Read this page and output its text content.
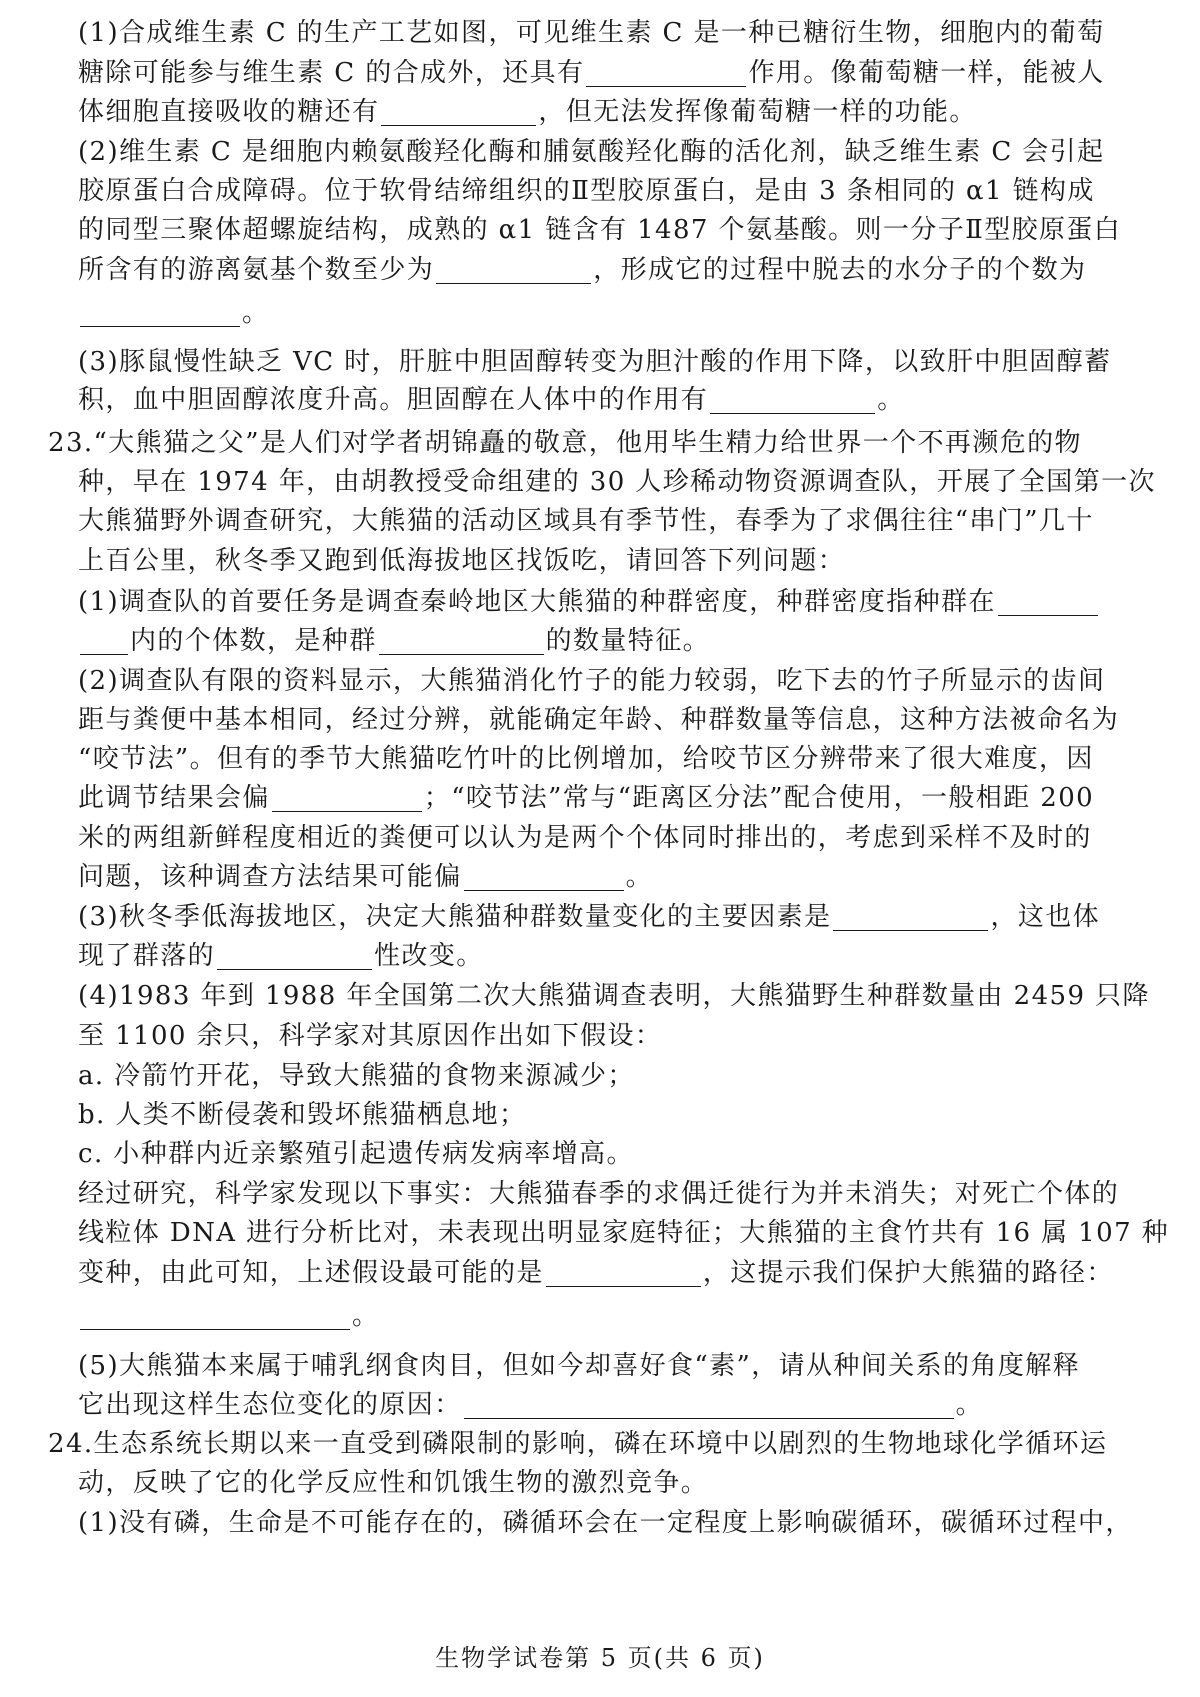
(1)合成维生素 C 的生产工艺如图，可见维生素 C 是一种已糖衍生物，细胞内的葡萄
糖除可能参与维生素 C 的合成外，还具有	作用。像葡萄糖一样，能被人
体细胞直接吸收的糖还有	，但无法发挥像葡萄糖一样的功能。
(2)维生素 C 是细胞内赖氨酸羟化酶和脯氨酸羟化酶的活化剂，缺乏维生素 C 会引起
胶原蛋白合成障碍。位于软骨结缔组织的Ⅱ型胶原蛋白，是由 3 条相同的 α1 链构成
的同型三聚体超螺旋结构，成熟的 α1 链含有 1487 个氨基酸。则一分子Ⅱ型胶原蛋白
所含有的游离氨基个数至少为	，形成它的过程中脱去的水分子的个数为
。
(3)豚鼠慢性缺乏 VC 时，肝脏中胆固醇转变为胆汁酸的作用下降，以致肝中胆固醇蓄
积，血中胆固醇浓度升高。胆固醇在人体中的作用有	。
23.“大熊猫之父”是人们对学者胡锦矗的敬意，他用毕生精力给世界一个不再濒危的物
种，早在 1974 年，由胡教授受命组建的 30 人珍稀动物资源调查队，开展了全国第一次
大熊猫野外调查研究，大熊猫的活动区域具有季节性，春季为了求偶往往“串门”几十
上百公里，秋冬季又跑到低海拔地区找饭吃，请回答下列问题：
(1)调查队的首要任务是调查秦岭地区大熊猫的种群密度，种群密度指种群在
内的个体数，是种群	的数量特征。
(2)调查队有限的资料显示，大熊猫消化竹子的能力较弱，吃下去的竹子所显示的齿间
距与粪便中基本相同，经过分辨，就能确定年龄、种群数量等信息，这种方法被命名为
“咬节法”。但有的季节大熊猫吃竹叶的比例增加，给咬节区分辨带来了很大难度，因
此调节结果会偏	；“咬节法”常与“距离区分法”配合使用，一般相距 200
米的两组新鲜程度相近的粪便可以认为是两个个体同时排出的，考虑到采样不及时的
问题，该种调查方法结果可能偏	。
(3)秋冬季低海拔地区，决定大熊猫种群数量变化的主要因素是	，这也体
现了群落的	性改变。
(4)1983 年到 1988 年全国第二次大熊猫调查表明，大熊猫野生种群数量由 2459 只降
至 1100 余只，科学家对其原因作出如下假设：
a. 冷箭竹开花，导致大熊猫的食物来源减少；
b. 人类不断侵袭和毁坏熊猫栖息地；
c. 小种群内近亲繁殖引起遗传病发病率增高。
经过研究，科学家发现以下事实：大熊猫春季的求偶迁徙行为并未消失；对死亡个体的
线粒体 DNA 进行分析比对，未表现出明显家庭特征；大熊猫的主食竹共有 16 属 107 种
变种，由此可知，上述假设最可能的是	，这提示我们保护大熊猫的路径：
。
(5)大熊猫本来属于哺乳纲食肉目，但如今却喜好食“素”，请从种间关系的角度解释
它出现这样生态位变化的原因：	。
24.生态系统长期以来一直受到磷限制的影响，磷在环境中以剧烈的生物地球化学循环运
动，反映了它的化学反应性和饥饿生物的激烈竞争。
(1)没有磷，生命是不可能存在的，磷循环会在一定程度上影响碳循环，碳循环过程中，
生物学试卷第 5 页(共 6 页)
